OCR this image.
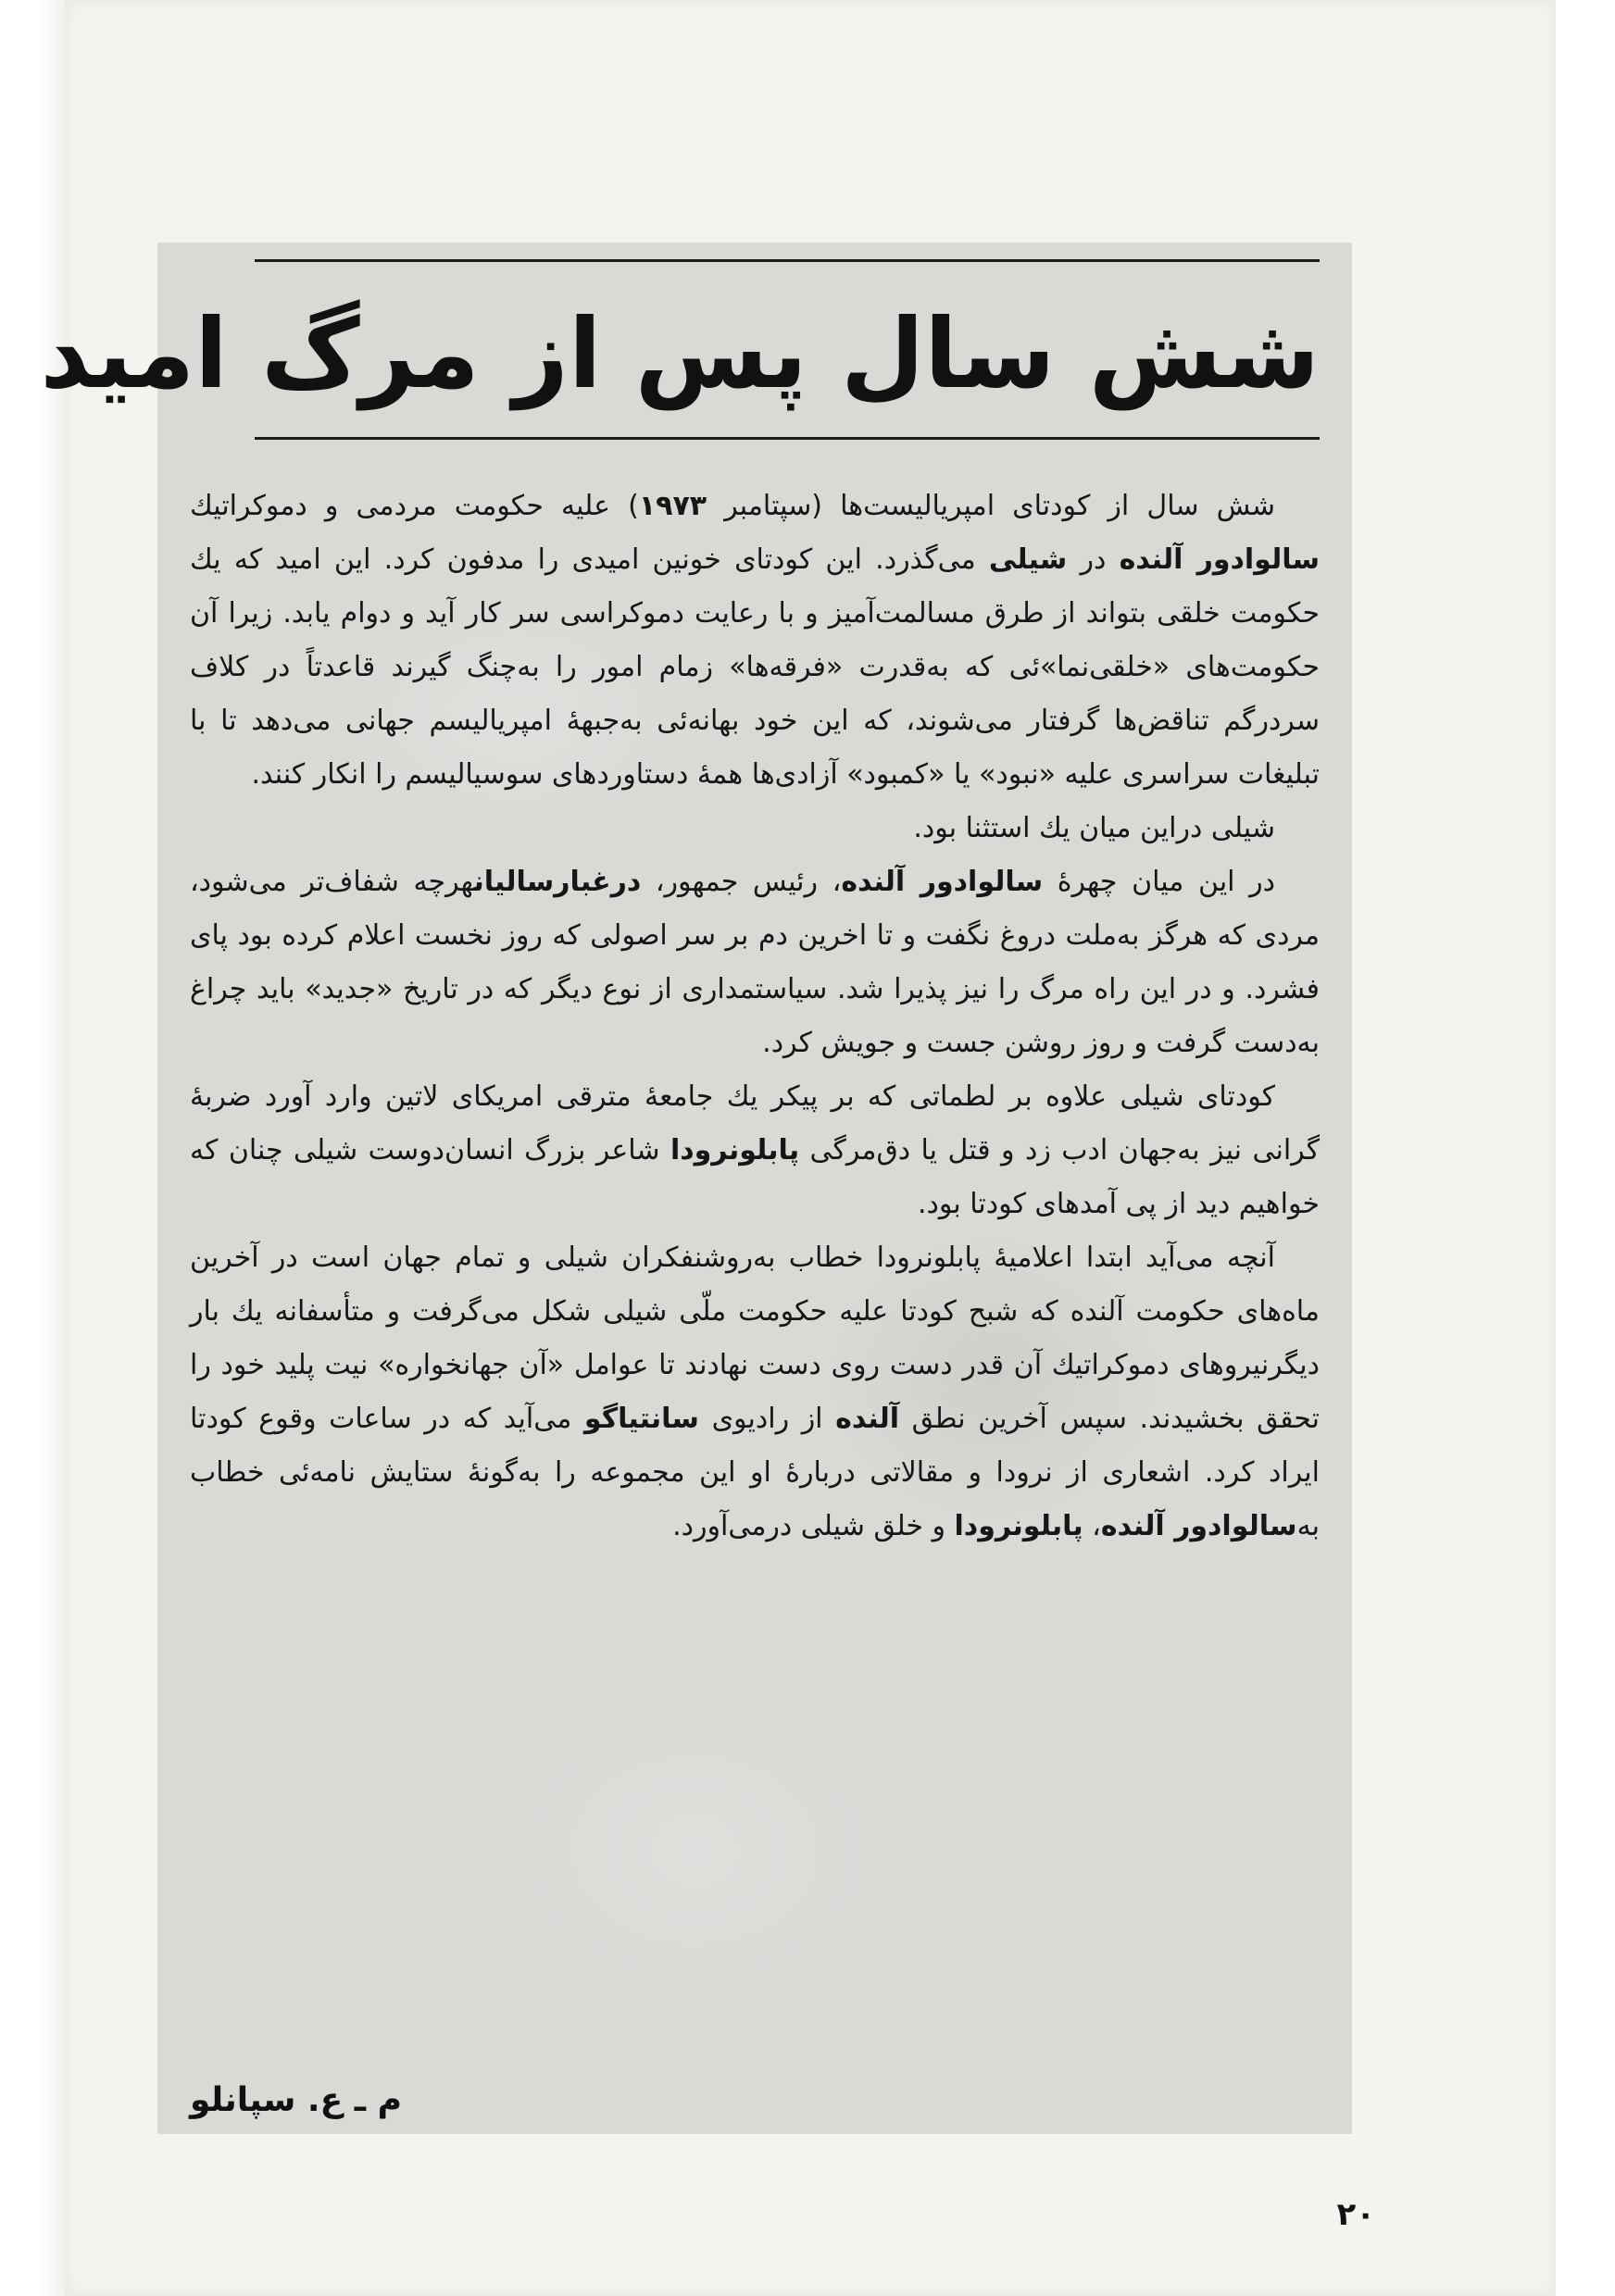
شش سال پس از مرگ امید

شش سال از کودتای امپریالیست‌ها (سپتامبر ۱۹۷۳) علیه حکومت مردمی و دموکراتیك سالوادور آلنده در شیلی می‌گذرد. این کودتای خونین امیدی را مدفون کرد. این امید که یك حکومت خلقی بتواند از طرق مسالمت‌آمیز و با رعایت دموکراسی سر کار آید و دوام یابد. زیرا آن حکومت‌های «خلقی‌نما»ئی که به‌قدرت «فرقه‌ها» زمام امور را به‌چنگ گیرند قاعدتاً در کلاف سردرگم تناقض‌ها گرفتار می‌شوند، که این خود بهانه‌ئی به‌جبههٔ امپریالیسم جهانی می‌دهد تا با تبلیغات سراسری علیه «نبود» یا «کمبود» آزادی‌ها همهٔ دستاوردهای سوسیالیسم را انکار کنند.

شیلی دراین میان یك استثنا بود.

در این میان چهرهٔ سالوادور آلنده، رئیس جمهور، درغبارسالیانهرچه شفاف‌تر می‌شود، مردی که هرگز به‌ملت دروغ نگفت و تا اخرین دم بر سر اصولی که روز نخست اعلام کرده بود پای فشرد. و در این راه مرگ را نیز پذیرا شد. سیاستمداری از نوع دیگر که در تاریخ «جدید» باید چراغ به‌دست گرفت و روز روشن جست و جویش کرد.

کودتای شیلی علاوه بر لطماتی که بر پیکر یك جامعهٔ مترقی امریکای لاتین وارد آورد ضربهٔ گرانی نیز به‌جهان ادب زد و قتل یا دق‌مرگی پابلونرودا شاعر بزرگ انسان‌دوست شیلی چنان که خواهیم دید از پی آمدهای کودتا بود.

آنچه می‌آید ابتدا اعلامیهٔ پابلونرودا خطاب به‌روشنفکران شیلی و تمام جهان است در آخرین ماه‌های حکومت آلنده که شبح کودتا علیه حکومت ملّی شیلی شکل می‌گرفت و متأسفانه یك بار دیگرنیروهای دموکراتیك آن قدر دست روی دست نهادند تا عوامل «آن جهانخواره» نیت پلید خود را تحقق بخشیدند. سپس آخرین نطق آلنده از رادیوی سانتیاگو می‌آید که در ساعات وقوع کودتا ایراد کرد. اشعاری از نرودا و مقالاتی دربارهٔ او این مجموعه را به‌گونهٔ ستایش نامه‌ئی خطاب به‌سالوادور آلنده، پابلونرودا و خلق شیلی درمی‌آورد.

م ـ ع. سپانلو
۲۰
